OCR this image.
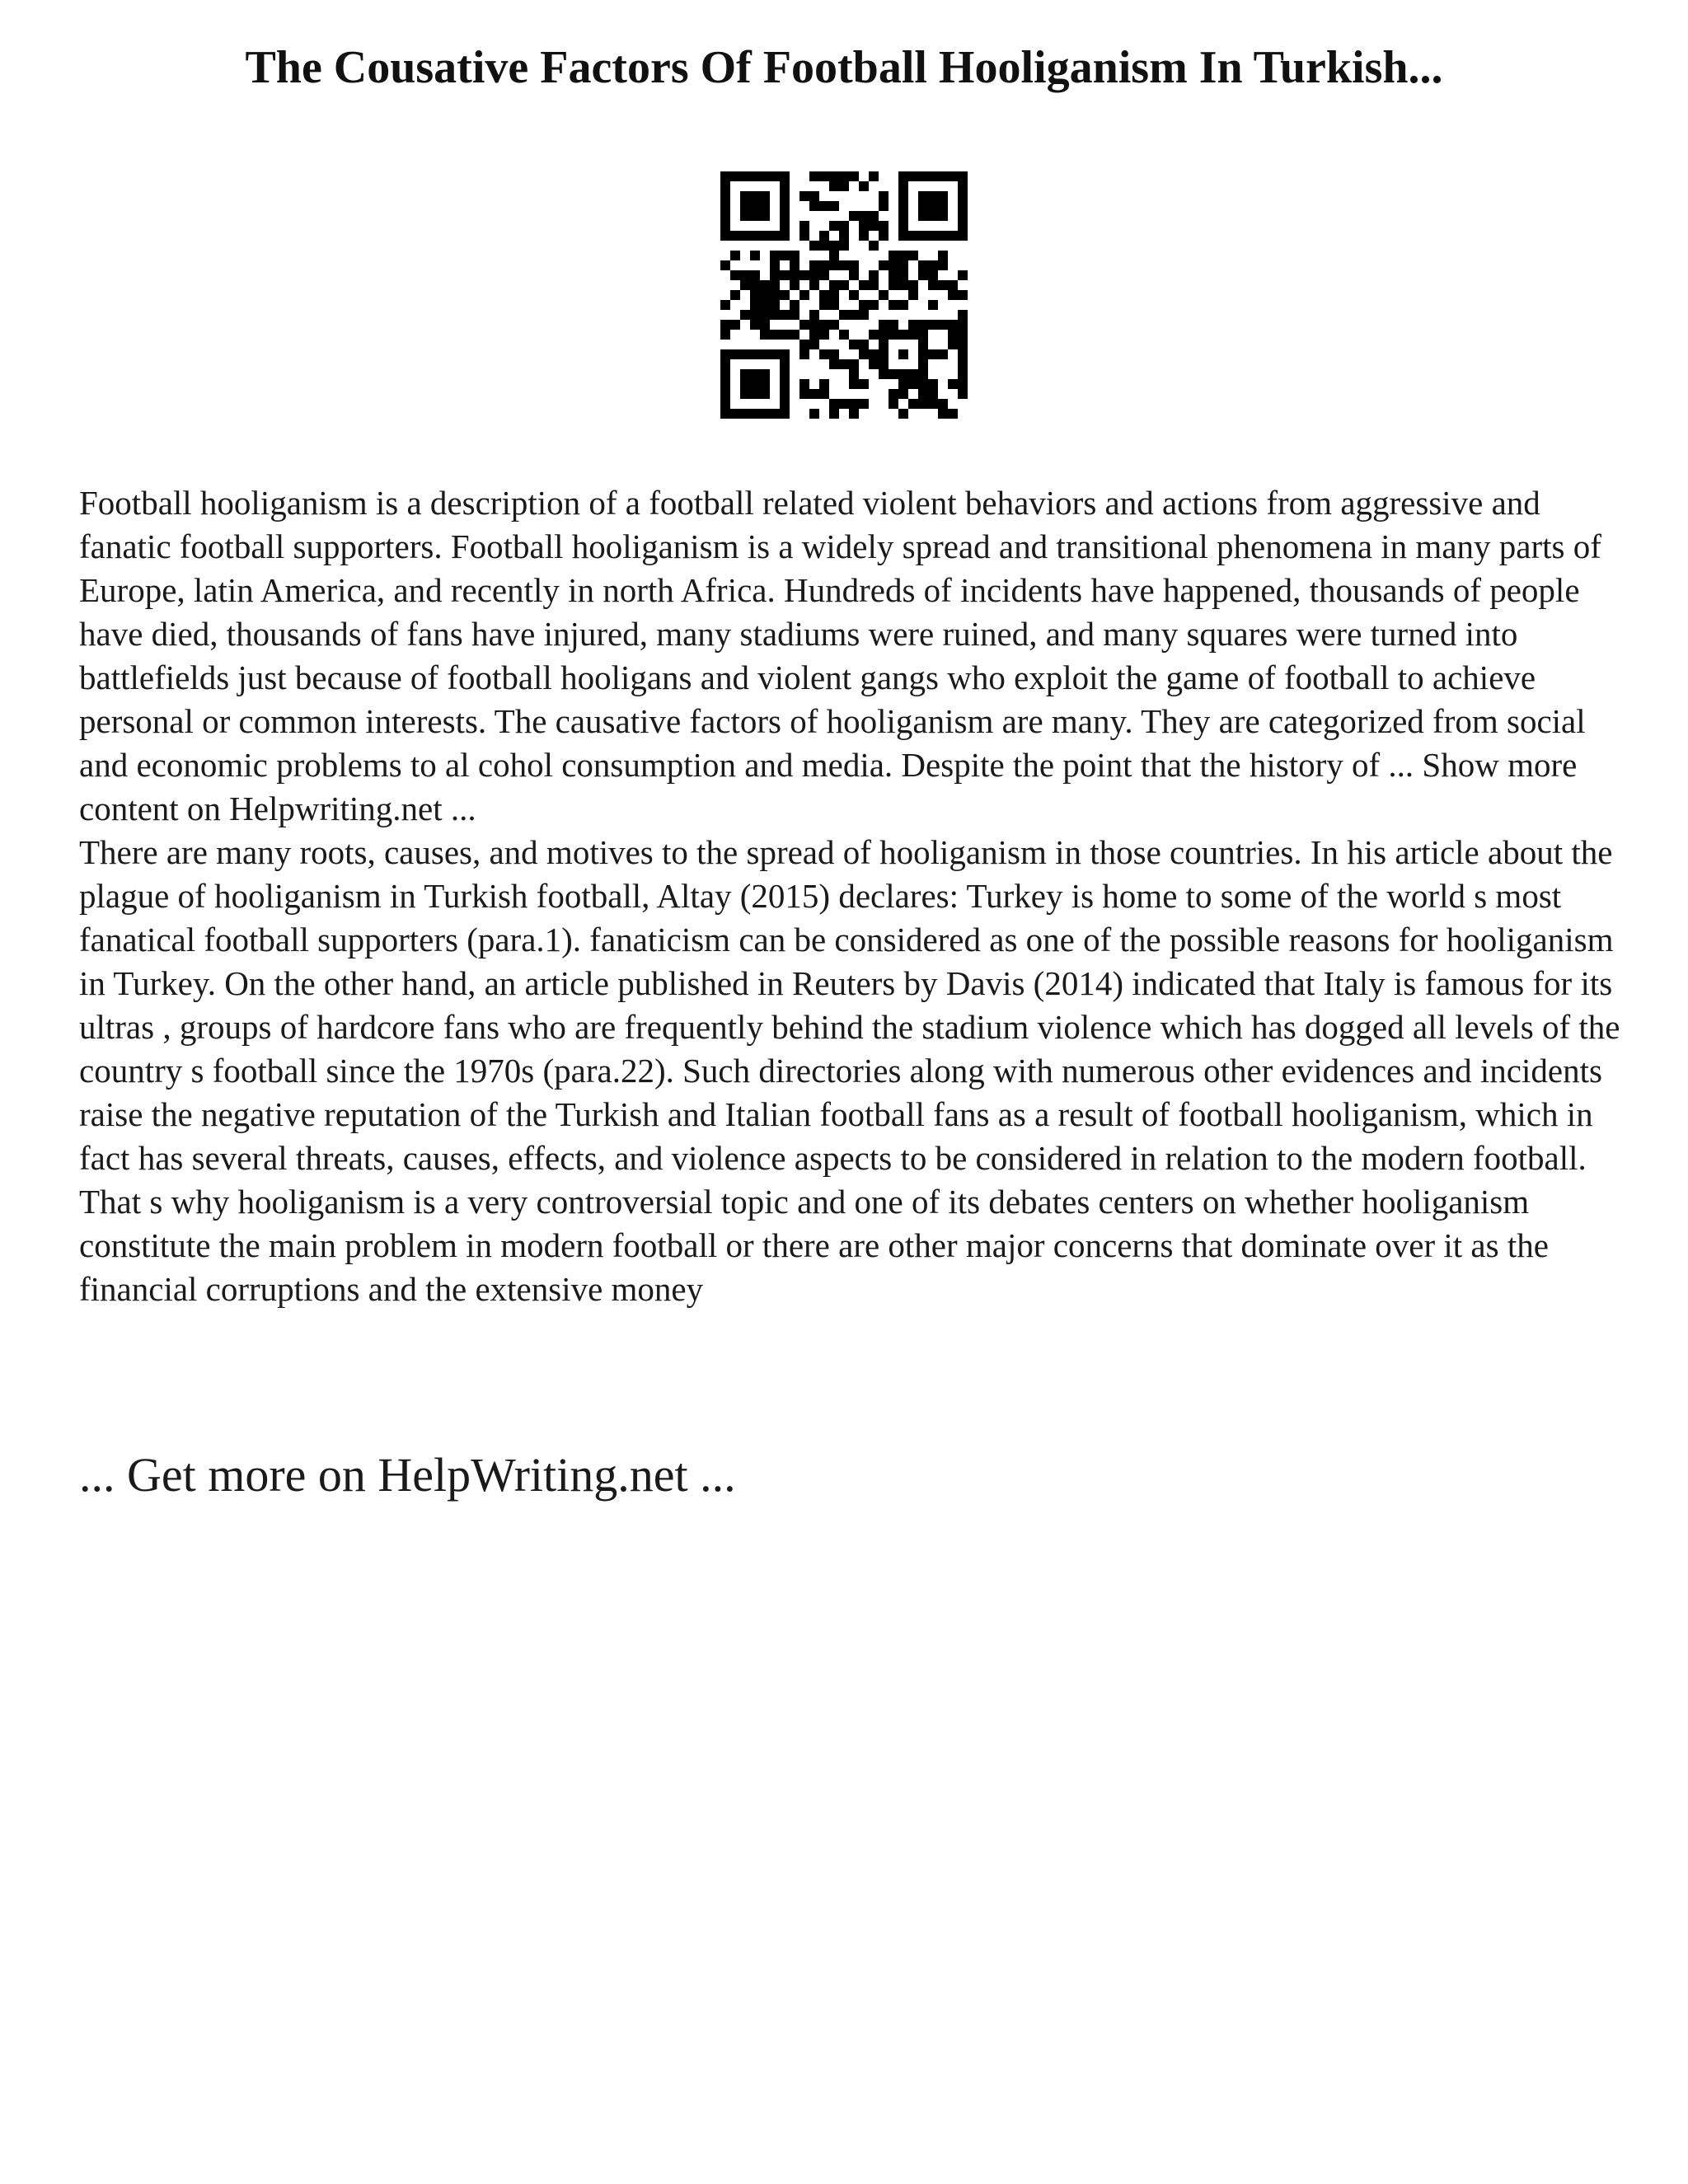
The Cousative Factors Of Football Hooliganism In Turkish...

Football hooliganism is a description of a football related violent behaviors and actions from aggressive and fanatic football supporters. Football hooliganism is a widely spread and transitional phenomena in many parts of Europe, latin America, and recently in north Africa. Hundreds of incidents have happened, thousands of people have died, thousands of fans have injured, many stadiums were ruined, and many squares were turned into battlefields just because of football hooligans and violent gangs who exploit the game of football to achieve personal or common interests. The causative factors of hooliganism are many. They are categorized from social and economic problems to al cohol consumption and media. Despite the point that the history of ... Show more content on Helpwriting.net ...

There are many roots, causes, and motives to the spread of hooliganism in those countries. In his article about the plague of hooliganism in Turkish football, Altay (2015) declares: Turkey is home to some of the world s most fanatical football supporters (para.1). fanaticism can be considered as one of the possible reasons for hooliganism in Turkey. On the other hand, an article published in Reuters by Davis (2014) indicated that Italy is famous for its ultras , groups of hardcore fans who are frequently behind the stadium violence which has dogged all levels of the country s football since the 1970s (para.22). Such directories along with numerous other evidences and incidents raise the negative reputation of the Turkish and Italian football fans as a result of football hooliganism, which in fact has several threats, causes, effects, and violence aspects to be considered in relation to the modern football. That s why hooliganism is a very controversial topic and one of its debates centers on whether hooliganism constitute the main problem in modern football or there are other major concerns that dominate over it as the financial corruptions and the extensive money

... Get more on HelpWriting.net ...
